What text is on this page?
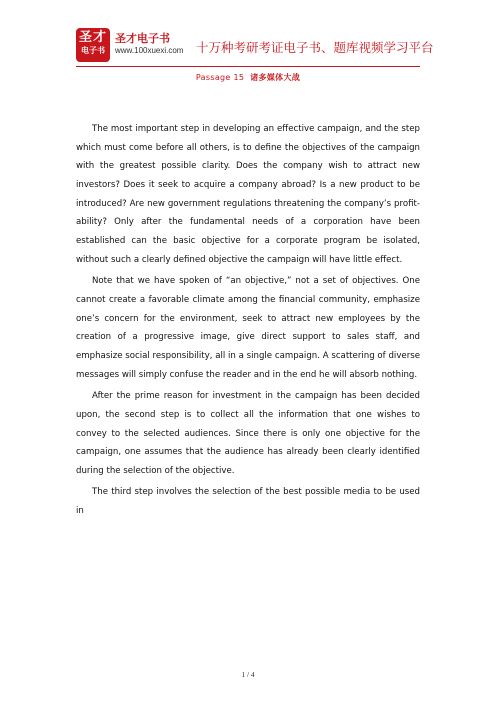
圣才
电子书
圣才电子书
www.100xuexi.com 十万种考研考证电子书、题库视频学习平台
Passage 15 诸多媒体大战

The most important step in developing an effective campaign, and the step which must come before all others, is to define the objectives of the campaign with the greatest possible clarity. Does the company wish to attract new investors? Does it seek to acquire a company abroad? Is a new product to be introduced? Are new government regulations threatening the company’s profit-ability? Only after the fundamental needs of a corporation have been established can the basic objective for a corporate program be isolated, without such a clearly defined objective the campaign will have little effect.

Note that we have spoken of “an objective,” not a set of objectives. One cannot create a favorable climate among the financial community, emphasize one’s concern for the environment, seek to attract new employees by the creation of a progressive image, give direct support to sales staff, and emphasize social responsibility, all in a single campaign. A scattering of diverse messages will simply confuse the reader and in the end he will absorb nothing.

After the prime reason for investment in the campaign has been decided upon, the second step is to collect all the information that one wishes to convey to the selected audiences. Since there is only one objective for the campaign, one assumes that the audience has already been clearly identified during the selection of the objective.

The third step involves the selection of the best possible media to be used in

1 / 4
